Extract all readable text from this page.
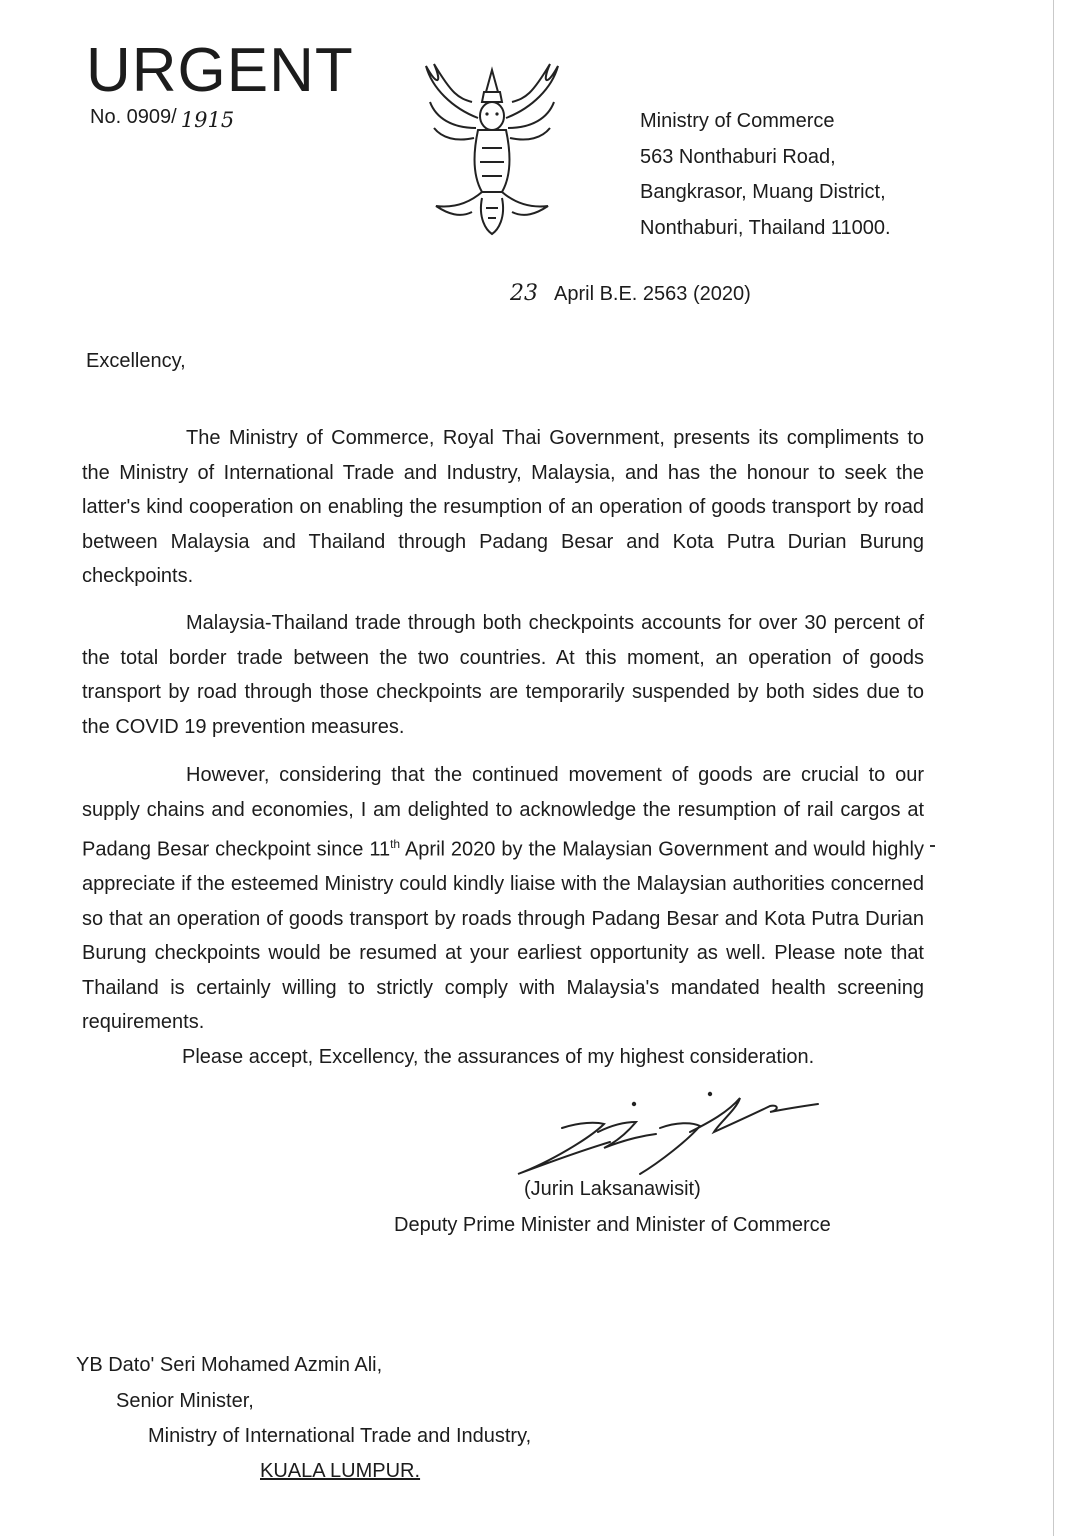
URGENT
No. 0909/ 1915	Ministry of Commerce
563 Nonthaburi Road,
Bangkrasor, Muang District,
Nonthaburi, Thailand 11000.
23 April B.E. 2563 (2020)
Excellency,

The Ministry of Commerce, Royal Thai Government, presents its compliments to the Ministry of International Trade and Industry, Malaysia, and has the honour to seek the latter's kind cooperation on enabling the resumption of an operation of goods transport by road between Malaysia and Thailand through Padang Besar and Kota Putra Durian Burung checkpoints.

Malaysia-Thailand trade through both checkpoints accounts for over 30 percent of the total border trade between the two countries. At this moment, an operation of goods transport by road through those checkpoints are temporarily suspended by both sides due to the COVID 19 prevention measures.

However, considering that the continued movement of goods are crucial to our supply chains and economies, I am delighted to acknowledge the resumption of rail cargos at Padang Besar checkpoint since 11th April 2020 by the Malaysian Government and would highly appreciate if the esteemed Ministry could kindly liaise with the Malaysian authorities concerned so that an operation of goods transport by roads through Padang Besar and Kota Putra Durian Burung checkpoints would be resumed at your earliest opportunity as well. Please note that Thailand is certainly willing to strictly comply with Malaysia's mandated health screening requirements.

Please accept, Excellency, the assurances of my highest consideration.
(Jurin Laksanawisit)
Deputy Prime Minister and Minister of Commerce
YB Dato' Seri Mohamed Azmin Ali,
Senior Minister,
Ministry of International Trade and Industry,
KUALA LUMPUR.
